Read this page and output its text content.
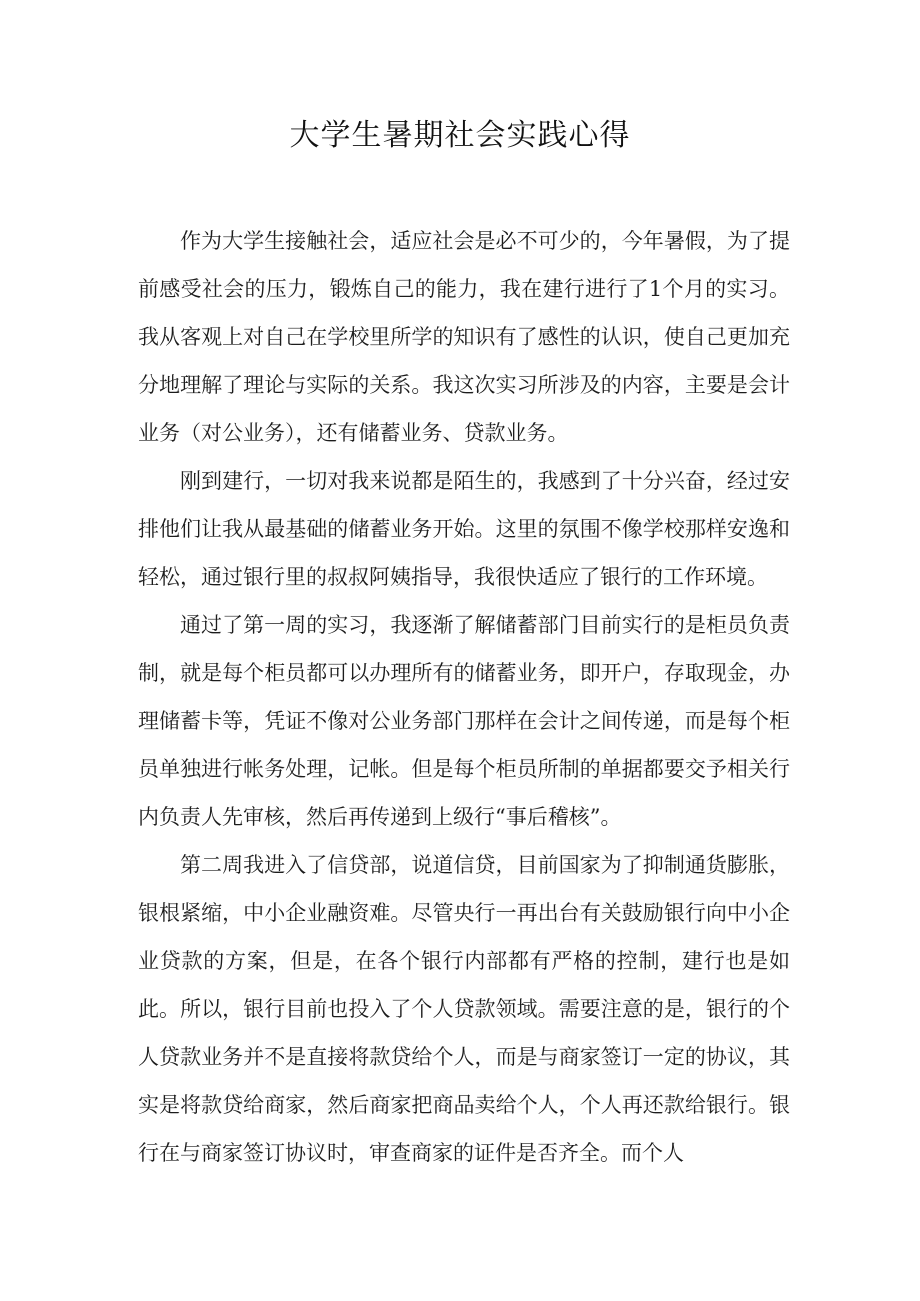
大学生暑期社会实践心得

作为大学生接触社会，适应社会是必不可少的，今年暑假，为了提前感受社会的压力，锻炼自己的能力，我在建行进行了1个月的实习。我从客观上对自己在学校里所学的知识有了感性的认识，使自己更加充分地理解了理论与实际的关系。我这次实习所涉及的内容，主要是会计业务（对公业务），还有储蓄业务、贷款业务。

刚到建行，一切对我来说都是陌生的，我感到了十分兴奋，经过安排他们让我从最基础的储蓄业务开始。这里的氛围不像学校那样安逸和轻松，通过银行里的叔叔阿姨指导，我很快适应了银行的工作环境。

通过了第一周的实习，我逐渐了解储蓄部门目前实行的是柜员负责制，就是每个柜员都可以办理所有的储蓄业务，即开户，存取现金，办理储蓄卡等，凭证不像对公业务部门那样在会计之间传递，而是每个柜员单独进行帐务处理，记帐。但是每个柜员所制的单据都要交予相关行内负责人先审核，然后再传递到上级行“事后稽核”。

第二周我进入了信贷部，说道信贷，目前国家为了抑制通货膨胀，银根紧缩，中小企业融资难。尽管央行一再出台有关鼓励银行向中小企业贷款的方案，但是，在各个银行内部都有严格的控制，建行也是如此。所以，银行目前也投入了个人贷款领域。需要注意的是，银行的个人贷款业务并不是直接将款贷给个人，而是与商家签订一定的协议，其实是将款贷给商家，然后商家把商品卖给个人，个人再还款给银行。银行在与商家签订协议时，审查商家的证件是否齐全。而个人
